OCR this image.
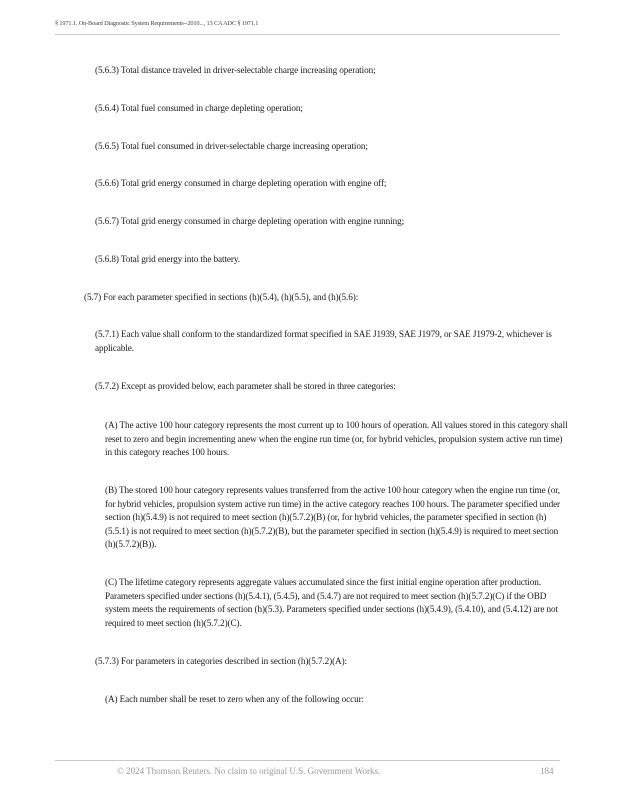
§ 1971.1. On-Board Diagnostic System Requirements--2010..., 13 CA ADC § 1971.1
(5.6.3) Total distance traveled in driver-selectable charge increasing operation;
(5.6.4) Total fuel consumed in charge depleting operation;
(5.6.5) Total fuel consumed in driver-selectable charge increasing operation;
(5.6.6) Total grid energy consumed in charge depleting operation with engine off;
(5.6.7) Total grid energy consumed in charge depleting operation with engine running;
(5.6.8) Total grid energy into the battery.
(5.7) For each parameter specified in sections (h)(5.4), (h)(5.5), and (h)(5.6):
(5.7.1) Each value shall conform to the standardized format specified in SAE J1939, SAE J1979, or SAE J1979-2, whichever is applicable.
(5.7.2) Except as provided below, each parameter shall be stored in three categories:
(A) The active 100 hour category represents the most current up to 100 hours of operation. All values stored in this category shall reset to zero and begin incrementing anew when the engine run time (or, for hybrid vehicles, propulsion system active run time) in this category reaches 100 hours.
(B) The stored 100 hour category represents values transferred from the active 100 hour category when the engine run time (or, for hybrid vehicles, propulsion system active run time) in the active category reaches 100 hours. The parameter specified under section (h)(5.4.9) is not required to meet section (h)(5.7.2)(B) (or, for hybrid vehicles, the parameter specified in section (h)(5.5.1) is not required to meet section (h)(5.7.2)(B), but the parameter specified in section (h)(5.4.9) is required to meet section (h)(5.7.2)(B)).
(C) The lifetime category represents aggregate values accumulated since the first initial engine operation after production. Parameters specified under sections (h)(5.4.1), (5.4.5), and (5.4.7) are not required to meet section (h)(5.7.2)(C) if the OBD system meets the requirements of section (h)(5.3). Parameters specified under sections (h)(5.4.9), (5.4.10), and (5.4.12) are not required to meet section (h)(5.7.2)(C).
(5.7.3) For parameters in categories described in section (h)(5.7.2)(A):
(A) Each number shall be reset to zero when any of the following occur:
© 2024 Thomson Reuters. No claim to original U.S. Government Works.	184
